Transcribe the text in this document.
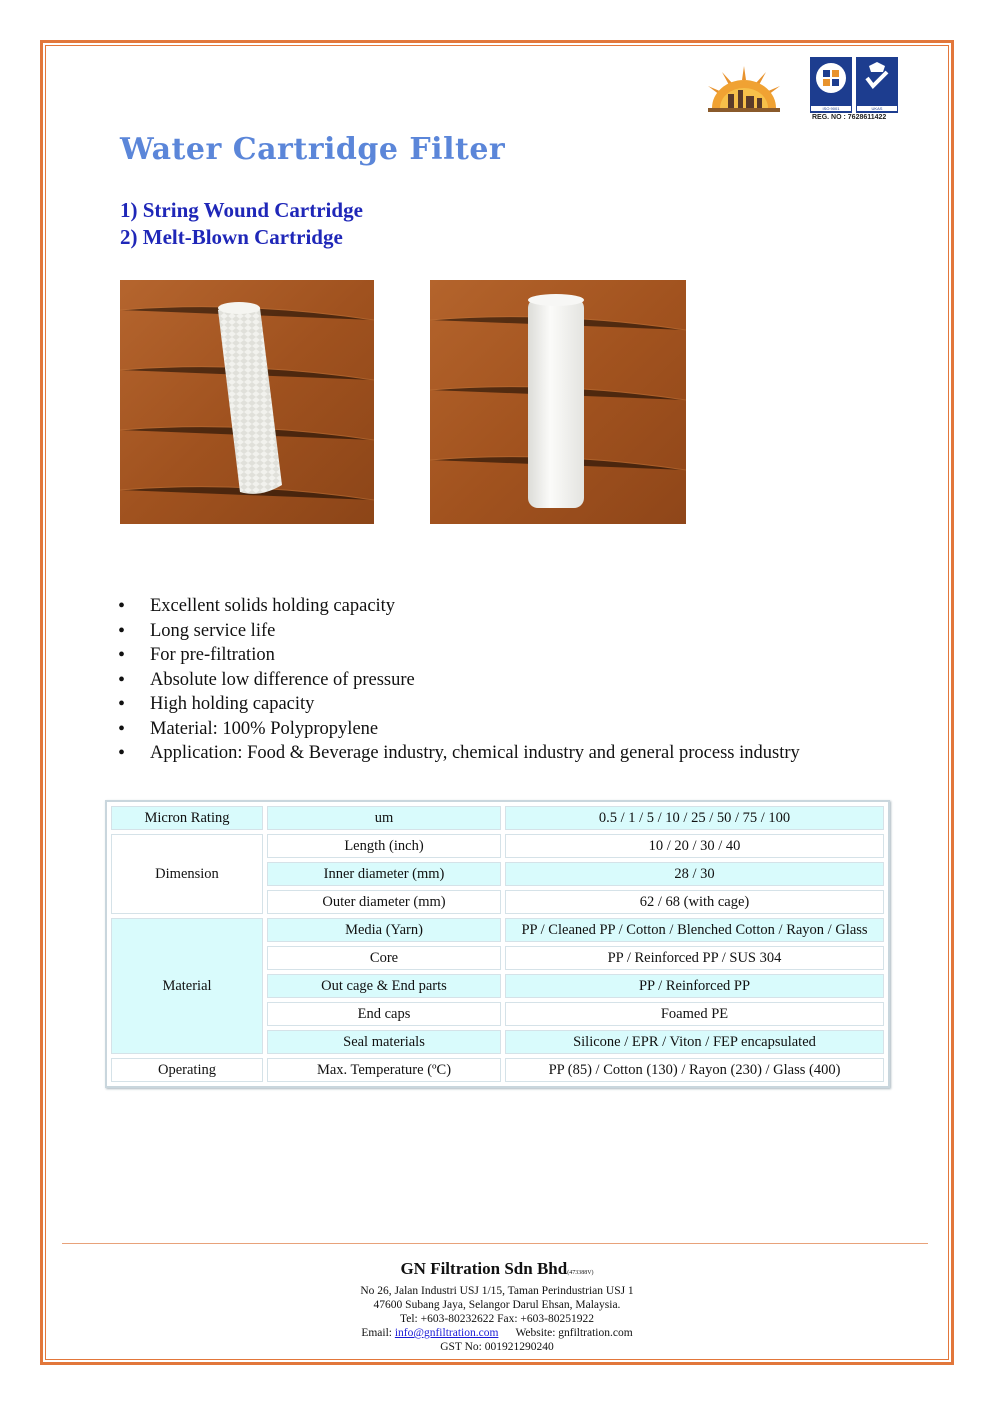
ISO 9001	UKAS
REG. NO : 7628611422
Water Cartridge Filter
1) String Wound Cartridge
2) Melt-Blown Cartridge
• Excellent solids holding capacity
• Long service life
• For pre-filtration
• Absolute low difference of pressure
• High holding capacity
• Material: 100% Polypropylene
• Application: Food & Beverage industry, chemical industry and general process industry
Micron Rating	um	0.5 / 1 / 5 / 10 / 25 / 50 / 75 / 100
Dimension	Length (inch)	10 / 20 / 30 / 40
	Inner diameter (mm)	28 / 30
	Outer diameter (mm)	62 / 68 (with cage)
Material	Media (Yarn)	PP / Cleaned PP / Cotton / Blenched Cotton / Rayon / Glass
	Core	PP / Reinforced PP / SUS 304
	Out cage & End parts	PP / Reinforced PP
	End caps	Foamed PE
	Seal materials	Silicone / EPR / Viton / FEP encapsulated
Operating	Max. Temperature (ºC)	PP (85) / Cotton (130) / Rayon (230) / Glass (400)
GN Filtration Sdn Bhd(473388V)
No 26, Jalan Industri USJ 1/15, Taman Perindustrian USJ 1
47600 Subang Jaya, Selangor Darul Ehsan, Malaysia.
Tel: +603-80232622 Fax: +603-80251922
Email: info@gnfiltration.com Website: gnfiltration.com
GST No: 001921290240
